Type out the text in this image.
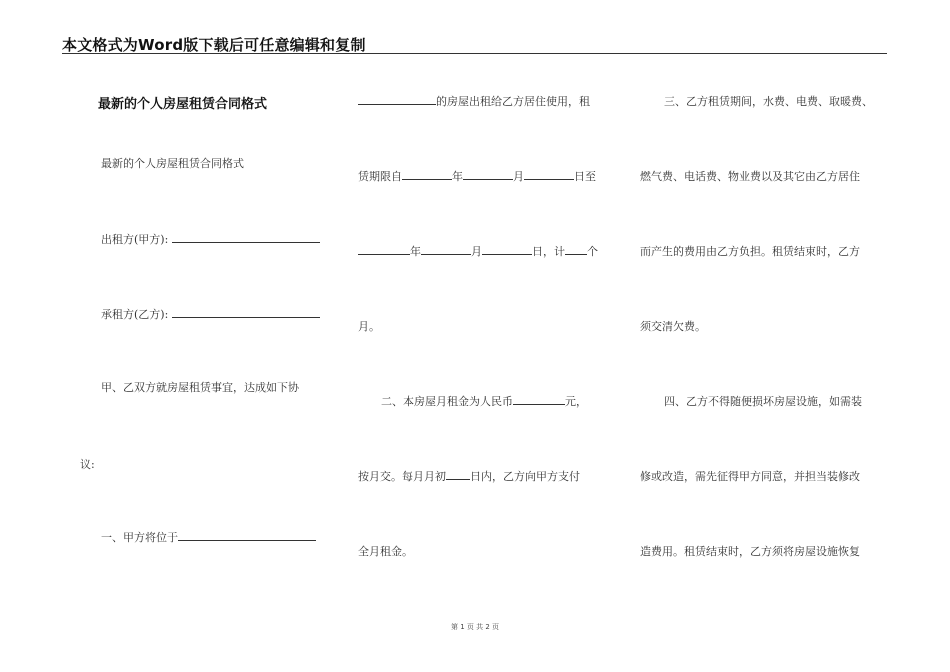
本文格式为Word版下载后可任意编辑和复制
最新的个人房屋租赁合同格式
最新的个人房屋租赁合同格式
出租方(甲方):
承租方(乙方):
甲、乙双方就房屋租赁事宜，达成如下协
议:
一、甲方将位于
的房屋出租给乙方居住使用，租
赁期限自	年	月	日至
年	月	日，计 个
月。
二、本房屋月租金为人民币	元，
按月交。每月月初 日内，乙方向甲方支付
全月租金。
三、乙方租赁期间，水费、电费、取暖费、
燃气费、电话费、物业费以及其它由乙方居住
而产生的费用由乙方负担。租赁结束时，乙方
须交清欠费。
四、乙方不得随便损坏房屋设施，如需装
修或改造，需先征得甲方同意，并担当装修改
造费用。租赁结束时，乙方须将房屋设施恢复
第 1 页 共 2 页
